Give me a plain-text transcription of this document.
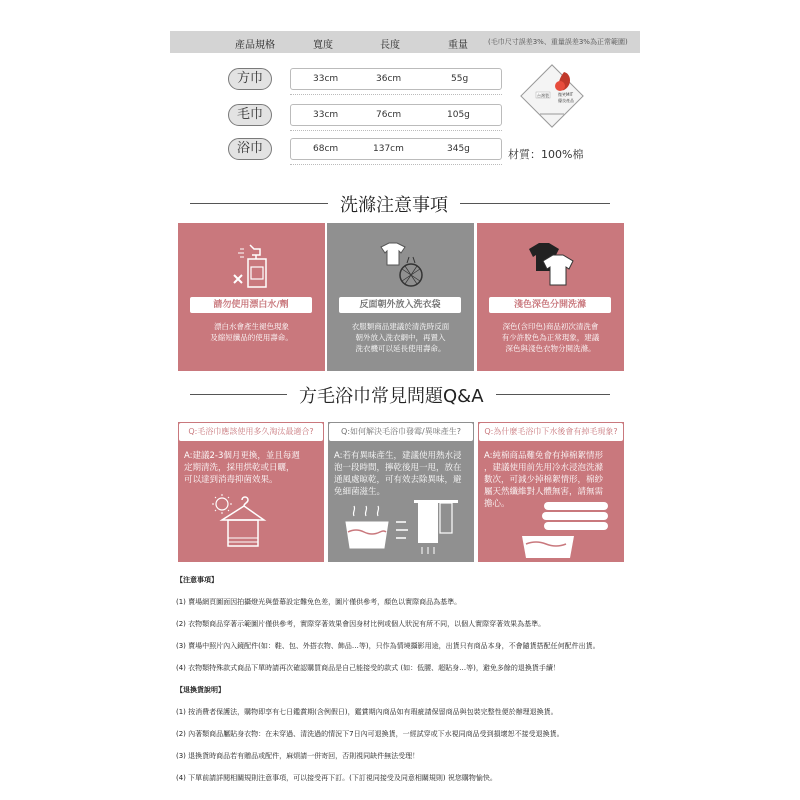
產品規格	寬度	長度	重量	(毛巾尺寸誤差3%、重量誤差3%為正常範圍)
方巾	33cm	36cm	55g
毛巾	33cm	76cm	105g
浴巾	68cm	137cm	345g
台灣製 微笑MIT
優良產品
材質：100%棉
洗滌注意事項
請勿使用漂白水/劑
漂白水會產生褪色現象
及縮短纖品的使用壽命。
反面朝外放入洗衣袋
衣服類商品建議於清洗時反面
朝外放入洗衣網中，再置入
洗衣機可以延長使用壽命。
淺色深色分開洗滌
深色(含印色)商品初次清洗會
有少許脫色為正常現象，建議
深色與淺色衣物分開洗滌。
方毛浴巾常見問題Q&A
Q:毛浴巾應該使用多久淘汰最適合?
A:建議2-3個月更換，並且每週
定期清洗，採用烘乾或日曬，
可以達到消毒抑菌效果。
Q:如何解決毛浴巾發霉/異味產生?
A:若有異味產生，建議使用熱水浸
泡一段時間，擰乾後甩一甩，放在
通風處晾乾，可有效去除異味，避
免細菌滋生。
Q:為什麼毛浴巾下水後會有掉毛現象?
A:純棉商品難免會有掉棉絮情形
，建議使用前先用冷水浸泡洗滌
數次，可減少掉棉絮情形，棉紗
屬天然纖維對人體無害，請無需
擔心。
【注意事項】
(1) 賣場網頁圖面因拍攝燈光與螢幕設定難免色差，圖片僅供參考，顏色以實際商品為基準。
(2) 衣物類商品穿著示範圖片僅供參考，實際穿著效果會因身材比例或個人狀況有所不同，以個人實際穿著效果為基準。
(3) 賣場中照片內入鏡配件(如：鞋、包、外搭衣物、飾品…等)，只作為情境攝影用途，出貨只有商品本身，不會隨貨搭配任何配件出貨。
(4) 衣物類特殊款式商品下單時請再次確認購買商品是自己能接受的款式 (如：低腰、超貼身…等)，避免多餘的退換貨手續！
【退換貨說明】
(1) 按消費者保護法，購物即享有七日鑑賞期(含例假日)，鑑賞期內商品如有瑕疵請保留商品與包裝完整性便於辦理退換貨。
(2) 內著類商品屬貼身衣物：在未穿過、清洗過的情況下7日內可退換貨，一經試穿或下水視同商品受到損壞恕不接受退換貨。
(3) 退換貨時商品若有贈品或配件，麻煩請一併寄回，否則視同缺件無法受理！
(4) 下單前請詳閱相關規則注意事項，可以接受再下訂。(下訂視同接受及同意相關規則) 祝您購物愉快。
